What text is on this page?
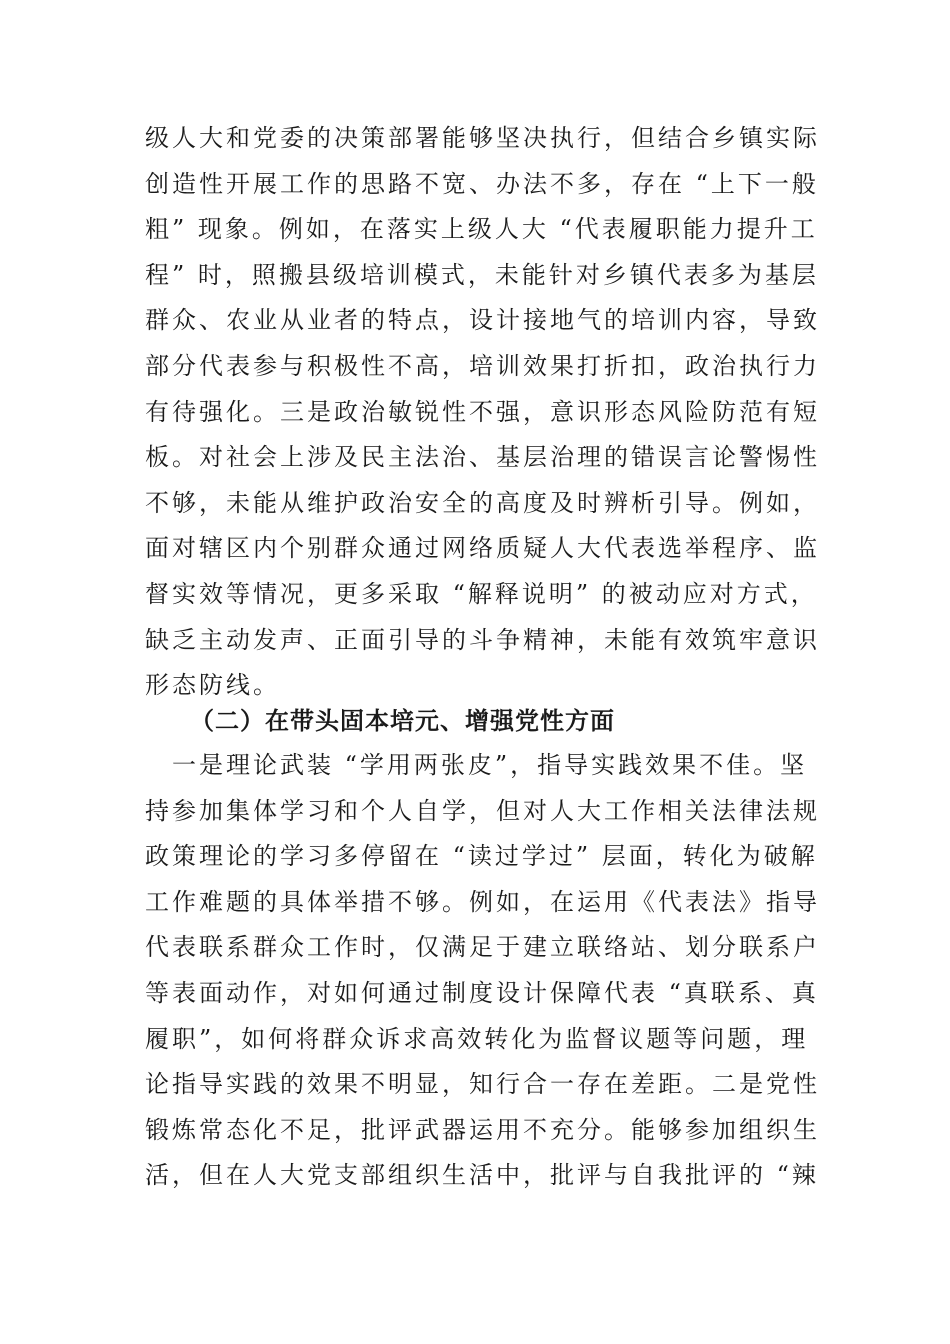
级人大和党委的决策部署能够坚决执行，但结合乡镇实际
创造性开展工作的思路不宽、办法不多，存在 “上下一般
粗” 现象。例如，在落实上级人大 “代表履职能力提升工
程” 时，照搬县级培训模式，未能针对乡镇代表多为基层
群众、农业从业者的特点，设计接地气的培训内容，导致
部分代表参与积极性不高，培训效果打折扣，政治执行力
有待强化。三是政治敏锐性不强，意识形态风险防范有短
板。对社会上涉及民主法治、基层治理的错误言论警惕性
不够，未能从维护政治安全的高度及时辨析引导。例如，
面对辖区内个别群众通过网络质疑人大代表选举程序、监
督实效等情况，更多采取 “解释说明” 的被动应对方式，
缺乏主动发声、正面引导的斗争精神，未能有效筑牢意识
形态防线。
（二）在带头固本培元、增强党性方面
　一是理论武装 “学用两张皮”，指导实践效果不佳。坚
持参加集体学习和个人自学，但对人大工作相关法律法规
政策理论的学习多停留在 “读过学过” 层面，转化为破解
工作难题的具体举措不够。例如，在运用《代表法》指导
代表联系群众工作时，仅满足于建立联络站、划分联系户
等表面动作，对如何通过制度设计保障代表 “真联系、真
履职”，如何将群众诉求高效转化为监督议题等问题，理
论指导实践的效果不明显，知行合一存在差距。二是党性
锻炼常态化不足，批评武器运用不充分。能够参加组织生
活，但在人大党支部组织生活中，批评与自我批评的 “辣
